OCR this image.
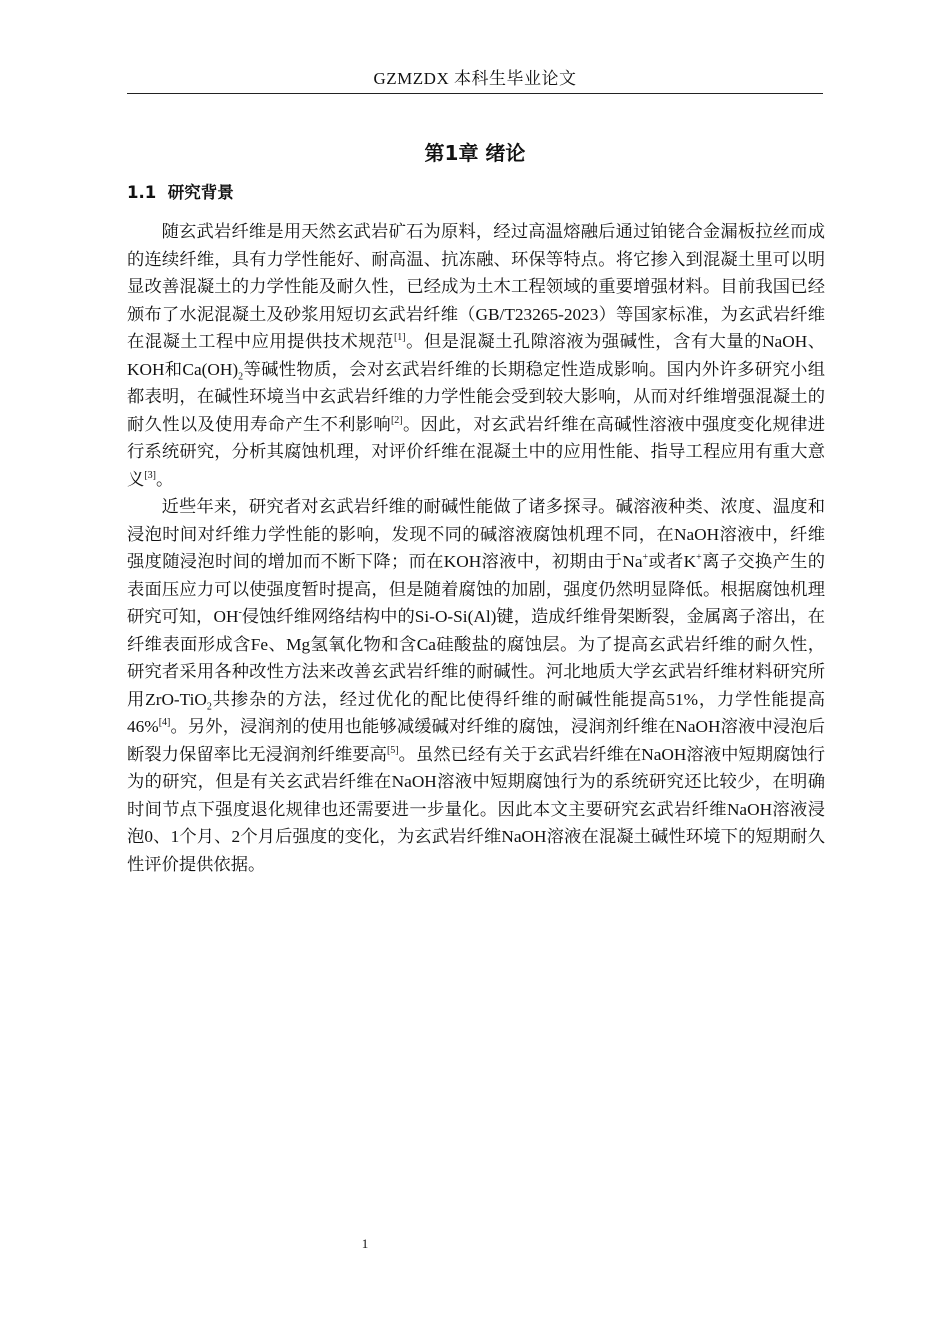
GZMZDX 本科生毕业论文
第1章 绪论
1.1 研究背景

随玄武岩纤维是用天然玄武岩矿石为原料，经过高温熔融后通过铂铑合金漏板拉丝而成的连续纤维，具有力学性能好、耐高温、抗冻融、环保等特点。将它掺入到混凝土里可以明显改善混凝土的力学性能及耐久性，已经成为土木工程领域的重要增强材料。目前我国已经颁布了水泥混凝土及砂浆用短切玄武岩纤维（GB/T23265-2023）等国家标准，为玄武岩纤维在混凝土工程中应用提供技术规范[1]。但是混凝土孔隙溶液为强碱性，含有大量的NaOH、KOH和$Ca(OH)_2$等碱性物质，会对玄武岩纤维的长期稳定性造成影响。国内外许多研究小组都表明，在碱性环境当中玄武岩纤维的力学性能会受到较大影响，从而对纤维增强混凝土的耐久性以及使用寿命产生不利影响[2]。因此，对玄武岩纤维在高碱性溶液中强度变化规律进行系统研究，分析其腐蚀机理，对评价纤维在混凝土中的应用性能、指导工程应用有重大意义[3]。

近些年来，研究者对玄武岩纤维的耐碱性能做了诸多探寻。碱溶液种类、浓度、温度和浸泡时间对纤维力学性能的影响，发现不同的碱溶液腐蚀机理不同，在NaOH溶液中，纤维强度随浸泡时间的增加而不断下降；而在KOH溶液中，初期由于Na+或者K+离子交换产生的表面压应力可以使强度暂时提高，但是随着腐蚀的加剧，强度仍然明显降低。根据腐蚀机理研究可知，OH-侵蚀纤维网络结构中的Si-O-Si(Al)键，造成纤维骨架断裂，金属离子溶出，在纤维表面形成含Fe、Mg氢氧化物和含Ca硅酸盐的腐蚀层。为了提高玄武岩纤维的耐久性，研究者采用各种改性方法来改善玄武岩纤维的耐碱性。河北地质大学玄武岩纤维材料研究所用ZrO-TiO$_2$共掺杂的方法，经过优化的配比使得纤维的耐碱性能提高51%，力学性能提高46%[4]。另外，浸润剂的使用也能够减缓碱对纤维的腐蚀，浸润剂纤维在NaOH溶液中浸泡后断裂力保留率比无浸润剂纤维要高[5]。虽然已经有关于玄武岩纤维在NaOH溶液中短期腐蚀行为的研究，但是有关玄武岩纤维在NaOH溶液中短期腐蚀行为的系统研究还比较少，在明确时间节点下强度退化规律也还需要进一步量化。因此本文主要研究玄武岩纤维NaOH溶液浸泡0、1个月、2个月后强度的变化，为玄武岩纤维NaOH溶液在混凝土碱性环境下的短期耐久性评价提供依据。

1
